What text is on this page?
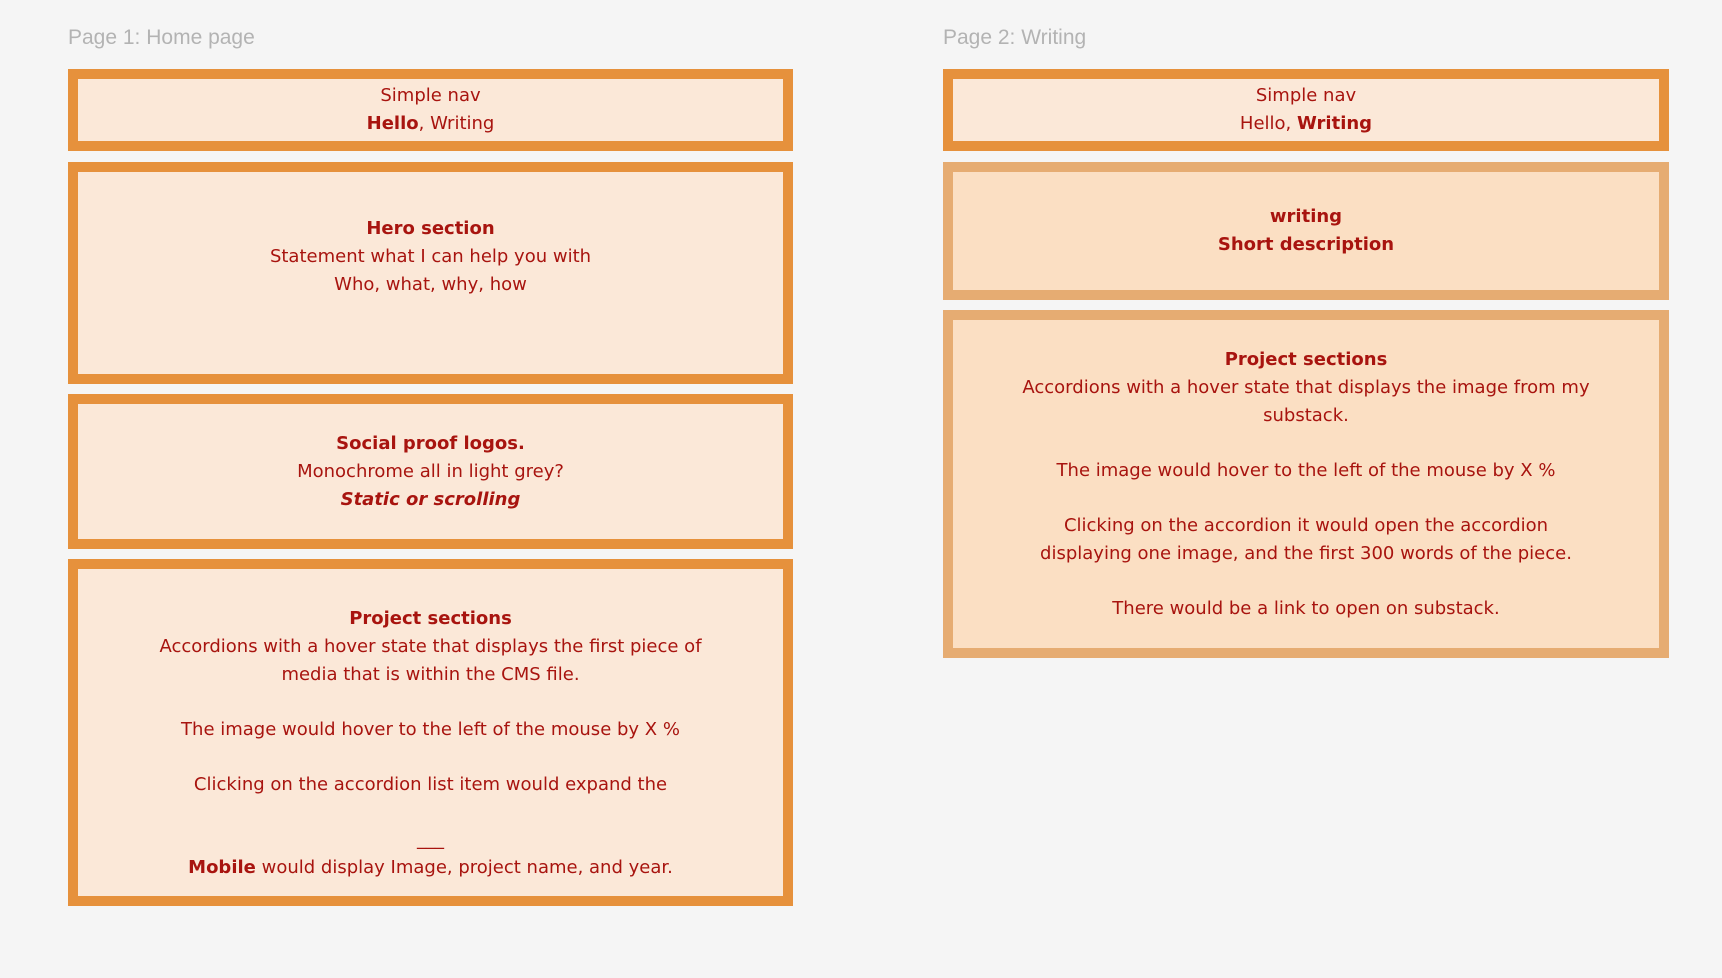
Page 1: Home page
Simple nav
Hello, Writing
Hero section
Statement what I can help you with
Who, what, why, how
Social proof logos.
Monochrome all in light grey?
Static or scrolling
Project sections
Accordions with a hover state that displays the first piece of
media that is within the CMS file.
The image would hover to the left of the mouse by X %
Clicking on the accordion list item would expand the
___
Mobile would display Image, project name, and year.
Page 2: Writing
Simple nav
Hello, Writing
writing
Short description
Project sections
Accordions with a hover state that displays the image from my
substack.
The image would hover to the left of the mouse by X %
Clicking on the accordion it would open the accordion
displaying one image, and the first 300 words of the piece.
There would be a link to open on substack.
